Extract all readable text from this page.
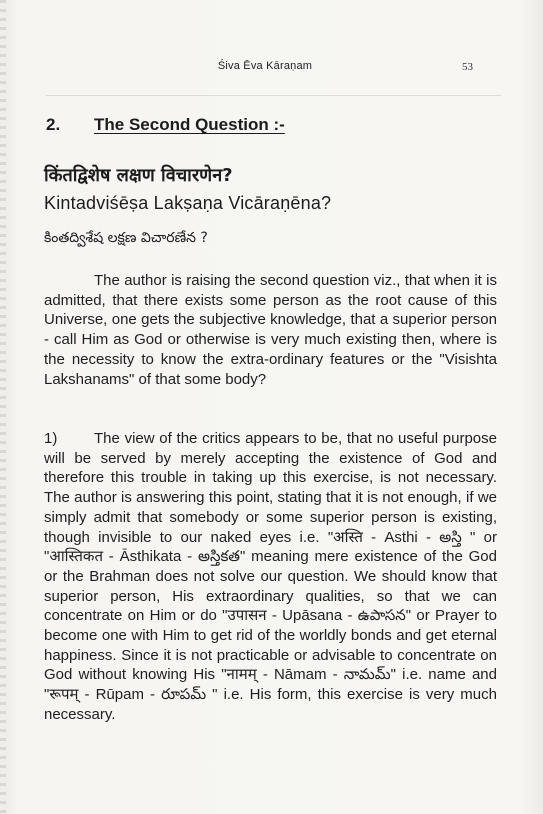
Śiva Ēva Kāraṇam	53
2. The Second Question :-
किंतद्विशेष लक्षण विचारणेन?
Kintadviśēṣa Lakṣaṇa Vicāraṇēna?
కింతద్విశేష లక్షణ విచారణేన ?
The author is raising the second question viz., that when it is admitted, that there exists some person as the root cause of this Universe, one gets the subjective knowledge, that a superior person - call Him as God or otherwise is very much existing then, where is the necessity to know the extra-ordinary features or the "Visishta Lakshanams" of that some body?
1) The view of the critics appears to be, that no useful purpose will be served by merely accepting the existence of God and therefore this trouble in taking up this exercise, is not necessary. The author is answering this point, stating that it is not enough, if we simply admit that somebody or some superior person is existing, though invisible to our naked eyes i.e. "अस्ति - Asthi - అస్తి " or "आस्तिकत - Āsthikata - అస్తికత" meaning mere existence of the God or the Brahman does not solve our question. We should know that superior person, His extraordinary qualities, so that we can concentrate on Him or do "उपासन - Upāsana - ఉపాసన" or Prayer to become one with Him to get rid of the worldly bonds and get eternal happiness. Since it is not practicable or advisable to concentrate on God without knowing His "नामम् - Nāmam - నామమ్" i.e. name and "रूपम् - Rūpam - రూపమ్ " i.e. His form, this exercise is very much necessary.
